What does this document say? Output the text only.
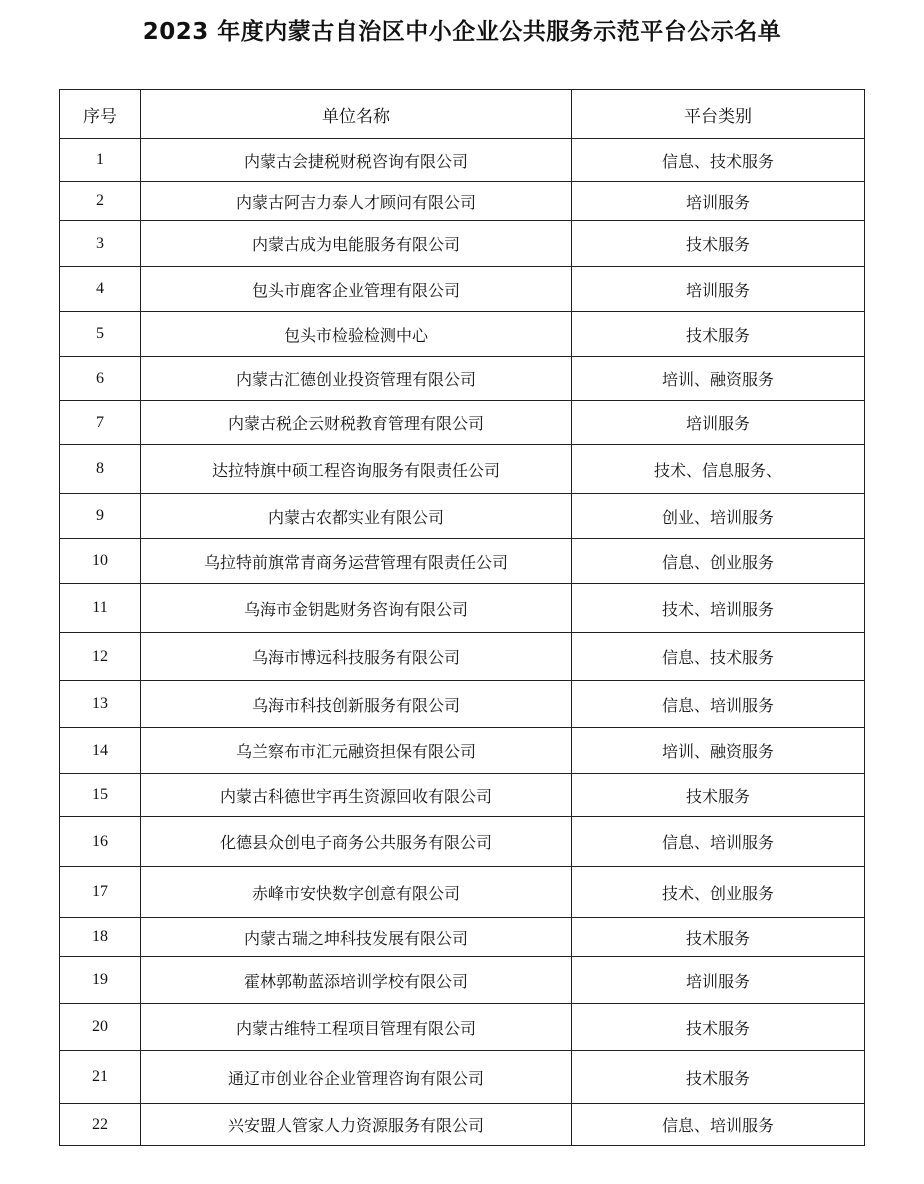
2023 年度内蒙古自治区中小企业公共服务示范平台公示名单
序号	单位名称	平台类别
1	内蒙古会捷税财税咨询有限公司	信息、技术服务
2	内蒙古阿吉力泰人才顾问有限公司	培训服务
3	内蒙古成为电能服务有限公司	技术服务
4	包头市鹿客企业管理有限公司	培训服务
5	包头市检验检测中心	技术服务
6	内蒙古汇德创业投资管理有限公司	培训、融资服务
7	内蒙古税企云财税教育管理有限公司	培训服务
8	达拉特旗中硕工程咨询服务有限责任公司	技术、信息服务、
9	内蒙古农都实业有限公司	创业、培训服务
10	乌拉特前旗常青商务运营管理有限责任公司	信息、创业服务
11	乌海市金钥匙财务咨询有限公司	技术、培训服务
12	乌海市博远科技服务有限公司	信息、技术服务
13	乌海市科技创新服务有限公司	信息、培训服务
14	乌兰察布市汇元融资担保有限公司	培训、融资服务
15	内蒙古科德世宇再生资源回收有限公司	技术服务
16	化德县众创电子商务公共服务有限公司	信息、培训服务
17	赤峰市安快数字创意有限公司	技术、创业服务
18	内蒙古瑞之坤科技发展有限公司	技术服务
19	霍林郭勒蓝添培训学校有限公司	培训服务
20	内蒙古维特工程项目管理有限公司	技术服务
21	通辽市创业谷企业管理咨询有限公司	技术服务
22	兴安盟人管家人力资源服务有限公司	信息、培训服务
